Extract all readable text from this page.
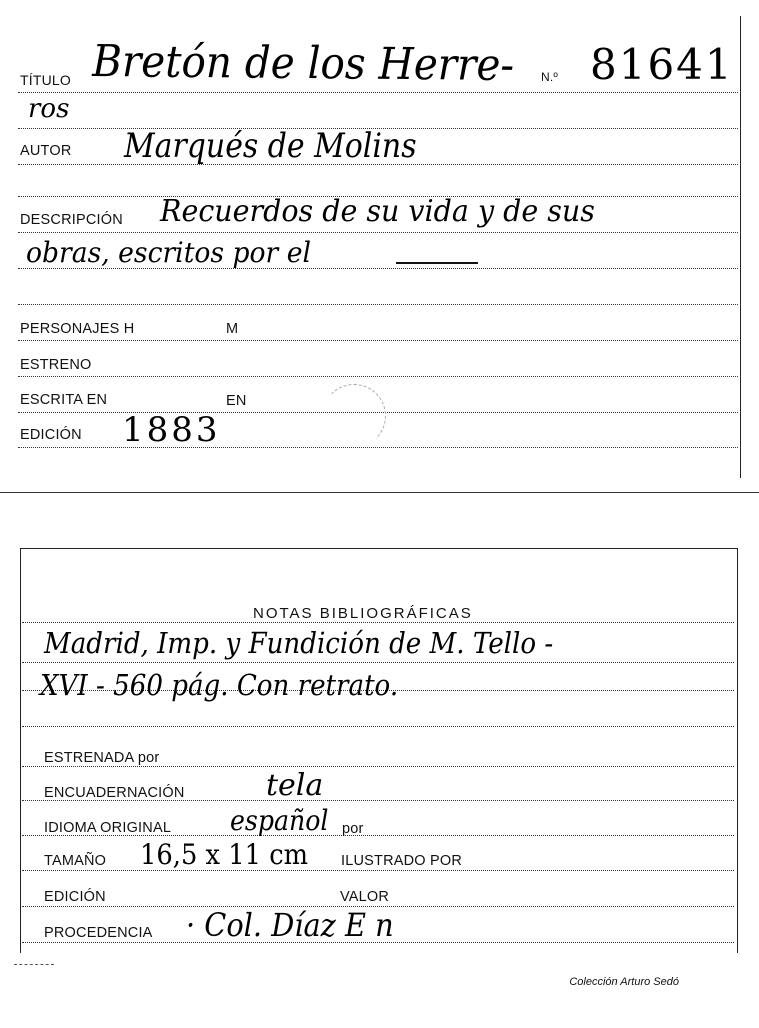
TÍTULO Bretón de los Herre- N.º 81641
ros
AUTOR Marqués de Molins
DESCRIPCIÓN Recuerdos de su vida y de sus
obras, escritos por el
PERSONAJES H	M
ESTRENO
ESCRITA EN	EN
EDICIÓN 1883
NOTAS BIBLIOGRÁFICAS
Madrid, Imp. y Fundición de M. Tello -
XVI - 560 pág. Con retrato.
ESTRENADA por
ENCUADERNACIÓN	tela
IDIOMA ORIGINAL español por
TAMAÑO 16,5 x 11 cm ILUSTRADO POR
EDICIÓN	VALOR
PROCEDENCIA · Col. Díaz E n
Colección Arturo Sedó
